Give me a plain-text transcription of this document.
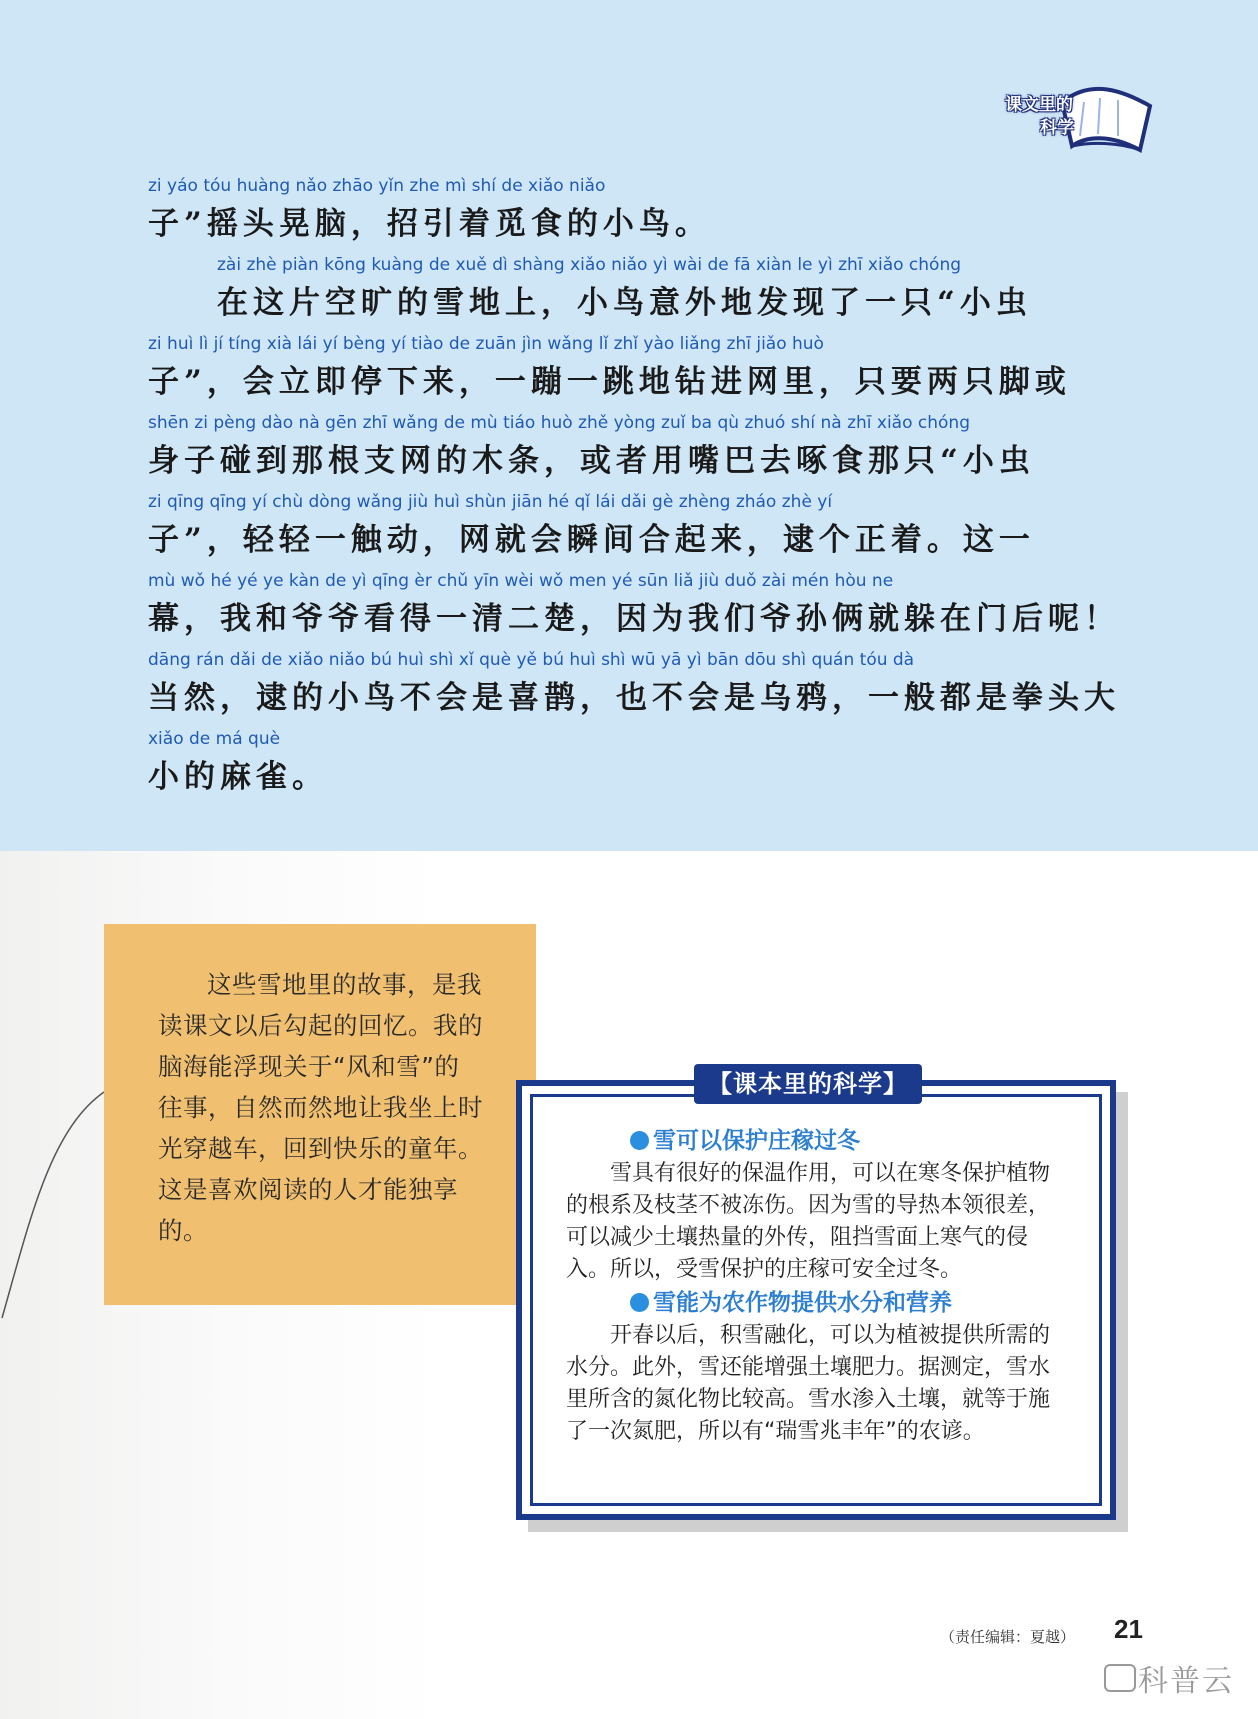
课文里的
科学
zi yáo tóu huàng nǎo zhāo yǐn zhe mì shí de xiǎo niǎo
子”摇头晃脑，招引着觅食的小鸟。
zài zhè piàn kōng kuàng de xuě dì shàng xiǎo niǎo yì wài de fā xiàn le yì zhī xiǎo chóng
在这片空旷的雪地上，小鸟意外地发现了一只“小虫
zi huì lì jí tíng xià lái yí bèng yí tiào de zuān jìn wǎng lǐ zhǐ yào liǎng zhī jiǎo huò
子”，会立即停下来，一蹦一跳地钻进网里，只要两只脚或
shēn zi pèng dào nà gēn zhī wǎng de mù tiáo huò zhě yòng zuǐ ba qù zhuó shí nà zhī xiǎo chóng
身子碰到那根支网的木条，或者用嘴巴去啄食那只“小虫
zi qīng qīng yí chù dòng wǎng jiù huì shùn jiān hé qǐ lái dǎi gè zhèng zháo zhè yí
子”，轻轻一触动，网就会瞬间合起来，逮个正着。这一
mù wǒ hé yé ye kàn de yì qīng èr chǔ yīn wèi wǒ men yé sūn liǎ jiù duǒ zài mén hòu ne
幕，我和爷爷看得一清二楚，因为我们爷孙俩就躲在门后呢！
dāng rán dǎi de xiǎo niǎo bú huì shì xǐ què yě bú huì shì wū yā yì bān dōu shì quán tóu dà
当然，逮的小鸟不会是喜鹊，也不会是乌鸦，一般都是拳头大
xiǎo de má què
小的麻雀。
这些雪地里的故事，是我读课文以后勾起的回忆。我的脑海能浮现关于“风和雪”的往事，自然而然地让我坐上时光穿越车，回到快乐的童年。这是喜欢阅读的人才能独享的。
【课本里的科学】
雪可以保护庄稼过冬

雪具有很好的保温作用，可以在寒冬保护植物的根系及枝茎不被冻伤。因为雪的导热本领很差，可以减少土壤热量的外传，阻挡雪面上寒气的侵入。所以，受雪保护的庄稼可安全过冬。

雪能为农作物提供水分和营养

开春以后，积雪融化，可以为植被提供所需的水分。此外，雪还能增强土壤肥力。据测定，雪水里所含的氮化物比较高。雪水渗入土壤，就等于施了一次氮肥，所以有“瑞雪兆丰年”的农谚。

（责任编辑：夏越） 21
科普云
